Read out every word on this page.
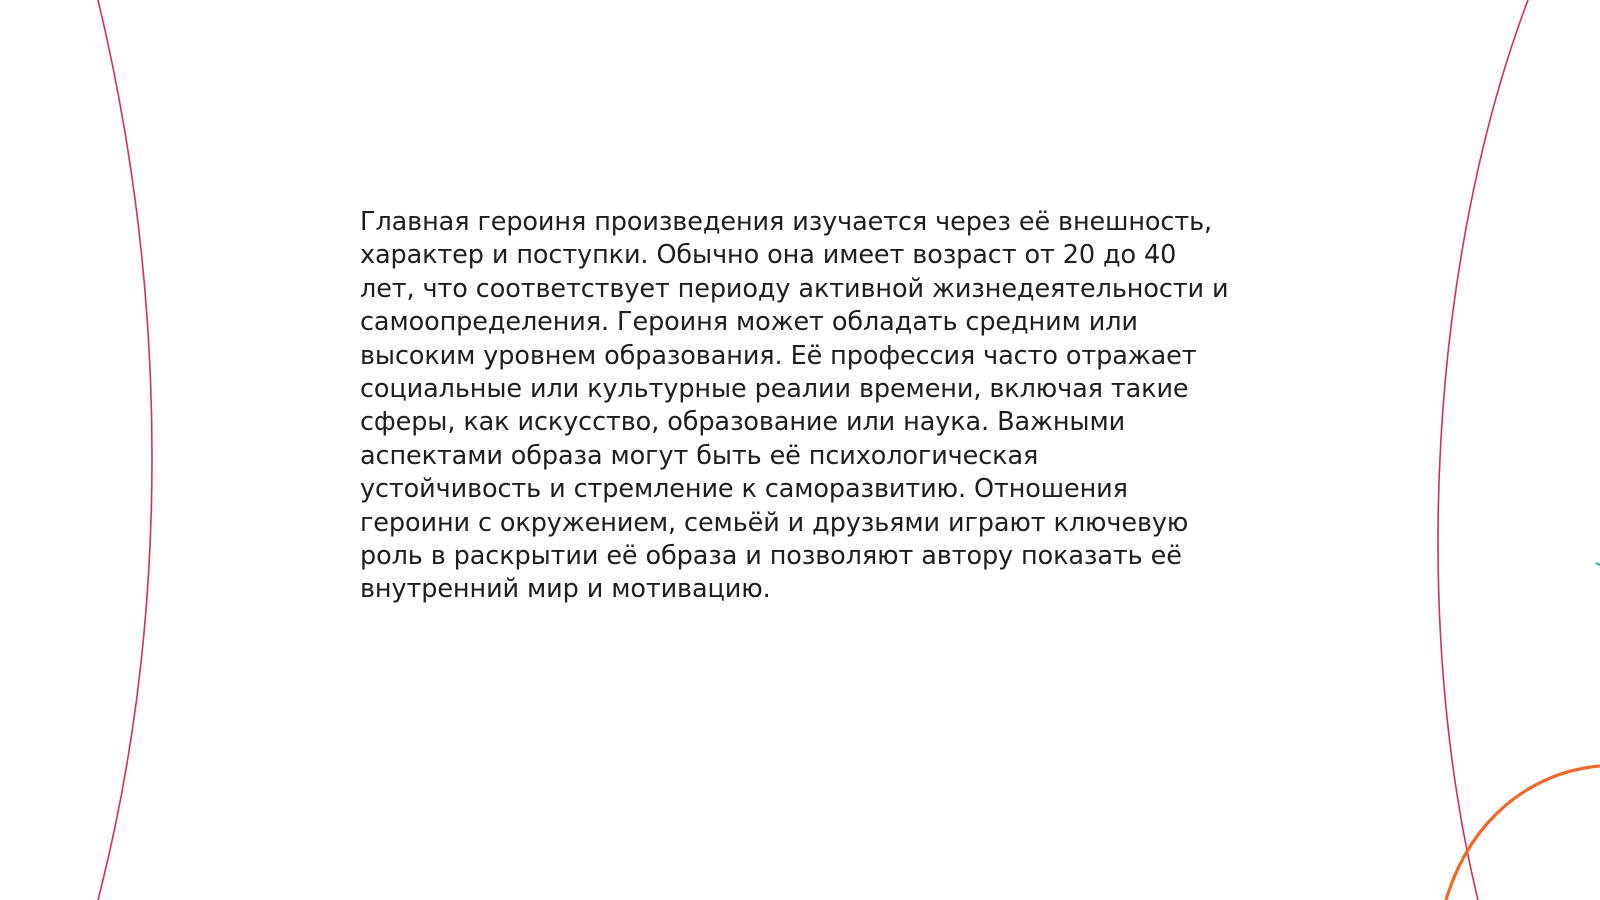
Главная героиня произведения изучается через её внешность,
характер и поступки. Обычно она имеет возраст от 20 до 40
лет, что соответствует периоду активной жизнедеятельности и
самоопределения. Героиня может обладать средним или
высоким уровнем образования. Её профессия часто отражает
социальные или культурные реалии времени, включая такие
сферы, как искусство, образование или наука. Важными
аспектами образа могут быть её психологическая
устойчивость и стремление к саморазвитию. Отношения
героини с окружением, семьёй и друзьями играют ключевую
роль в раскрытии её образа и позволяют автору показать её
внутренний мир и мотивацию.
